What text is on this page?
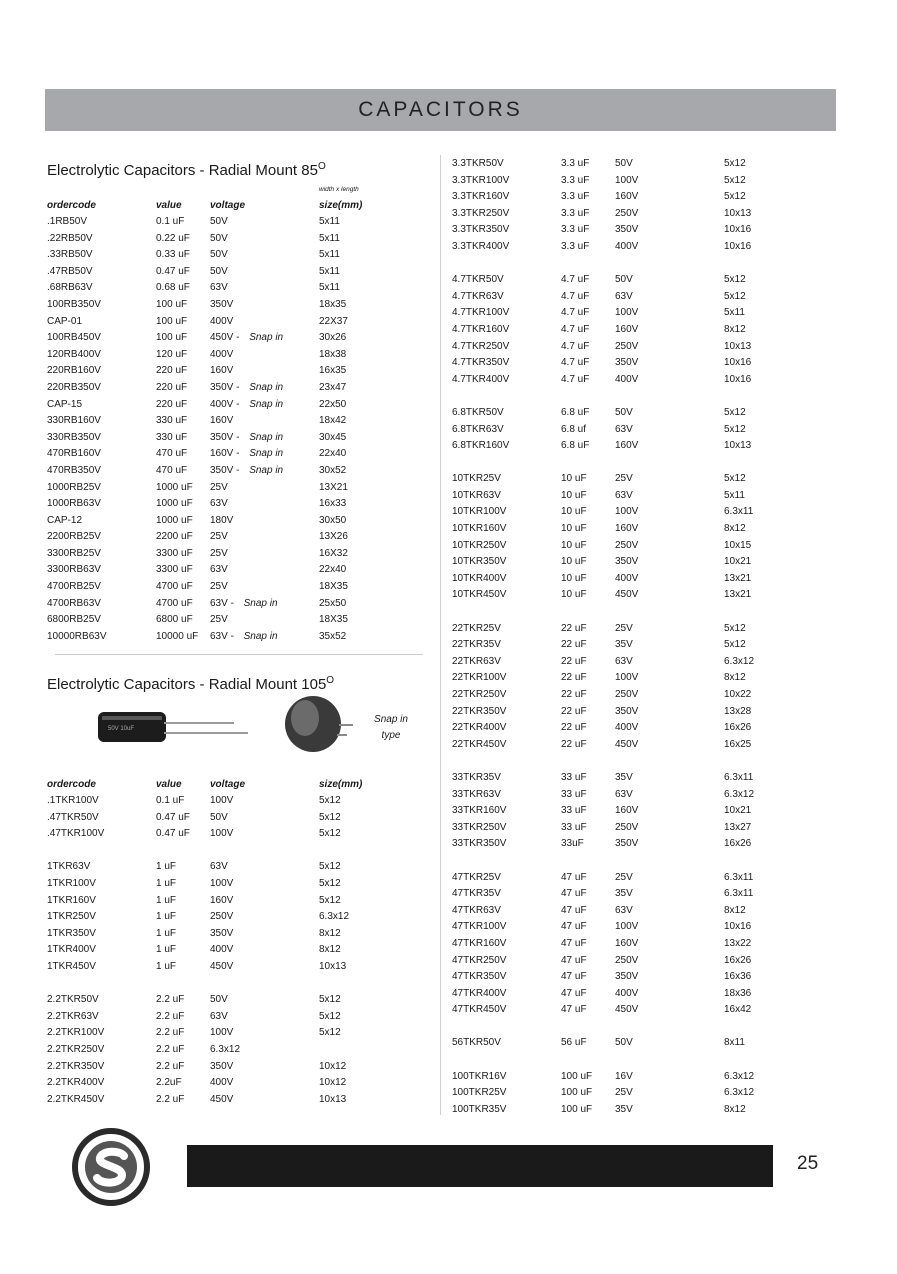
CAPACITORS
Electrolytic Capacitors - Radial Mount $85^O$
width x length
ordercode	value	voltage	size(mm)
.1RB50V	0.1 uF	50V	5x11
.22RB50V	0.22 uF 50V	5x11
.33RB50V	0.33 uF 50V	5x11
.47RB50V	0.47 uF 50V	5x11
.68RB63V	0.68 uF 63V	5x11
100RB350V	100 uF 350V	18x35
CAP-01	100 uF 400V	22X37
100RB450V	100 uF 450V - Snap in	30x26
120RB400V	120 uF 400V	18x38
220RB160V	220 uF 160V	16x35
220RB350V	220 uF 350V - Snap in	23x47
CAP-15	220 uF 400V - Snap in	22x50
330RB160V	330 uF 160V	18x42
330RB350V	330 uF 350V - Snap in	30x45
470RB160V	470 uF 160V - Snap in	22x40
470RB350V	470 uF 350V - Snap in	30x52
1000RB25V	1000 uF 25V	13X21
1000RB63V	1000 uF 63V	16x33
CAP-12	1000 uF 180V	30x50
2200RB25V	2200 uF 25V	13X26
3300RB25V	3300 uF 25V	16X32
3300RB63V	3300 uF 63V	22x40
4700RB25V	4700 uF 25V	18X35
4700RB63V	4700 uF 63V - Snap in	25x50
6800RB25V	6800 uF 25V	18X35
10000RB63V	10000 uF 63V - Snap in	35x52
Electrolytic Capacitors - Radial Mount $105^O$
50V 10uF
Snap in
type
ordercode	value	voltage	size(mm)
.1TKR100V	0.1 uF	100V	5x12
.47TKR50V	0.47 uF 50V	5x12
.47TKR100V	0.47 uF 100V	5x12
1TKR63V	1 uF	63V	5x12
1TKR100V	1 uF	100V	5x12
1TKR160V	1 uF	160V	5x12
1TKR250V	1 uF	250V	6.3x12
1TKR350V	1 uF	350V	8x12
1TKR400V	1 uF	400V	8x12
1TKR450V	1 uF	450V	10x13
2.2TKR50V	2.2 uF	50V	5x12
2.2TKR63V	2.2 uF	63V	5x12
2.2TKR100V	2.2 uF	100V	5x12
2.2TKR250V	2.2 uF	6.3x12
2.2TKR350V	2.2 uF	350V	10x12
2.2TKR400V	2.2uF	400V	10x12
2.2TKR450V	2.2 uF	450V	10x13
3.3TKR50V	3.3 uF	50V	5x12
3.3TKR100V	3.3 uF	100V	5x12
3.3TKR160V	3.3 uF	160V	5x12
3.3TKR250V	3.3 uF	250V	10x13
3.3TKR350V	3.3 uF	350V	10x16
3.3TKR400V	3.3 uF	400V	10x16
4.7TKR50V	4.7 uF	50V	5x12
4.7TKR63V	4.7 uF	63V	5x12
4.7TKR100V	4.7 uF	100V	5x11
4.7TKR160V	4.7 uF	160V	8x12
4.7TKR250V	4.7 uF	250V	10x13
4.7TKR350V	4.7 uF	350V	10x16
4.7TKR400V	4.7 uF	400V	10x16
6.8TKR50V	6.8 uF	50V	5x12
6.8TKR63V	6.8 uf	63V	5x12
6.8TKR160V	6.8 uF	160V	10x13
10TKR25V	10 uF	25V	5x12
10TKR63V	10 uF	63V	5x11
10TKR100V	10 uF	100V	6.3x11
10TKR160V	10 uF	160V	8x12
10TKR250V	10 uF	250V	10x15
10TKR350V	10 uF	350V	10x21
10TKR400V	10 uF	400V	13x21
10TKR450V	10 uF	450V	13x21
22TKR25V	22 uF	25V	5x12
22TKR35V	22 uF	35V	5x12
22TKR63V	22 uF	63V	6.3x12
22TKR100V	22 uF	100V	8x12
22TKR250V	22 uF	250V	10x22
22TKR350V	22 uF	350V	13x28
22TKR400V	22 uF	400V	16x26
22TKR450V	22 uF	450V	16x25
33TKR35V	33 uF	35V	6.3x11
33TKR63V	33 uF	63V	6.3x12
33TKR160V	33 uF	160V	10x21
33TKR250V	33 uF	250V	13x27
33TKR350V	33uF	350V	16x26
47TKR25V	47 uF	25V	6.3x11
47TKR35V	47 uF	35V	6.3x11
47TKR63V	47 uF	63V	8x12
47TKR100V	47 uF	100V	10x16
47TKR160V	47 uF	160V	13x22
47TKR250V	47 uF	250V	16x26
47TKR350V	47 uF	350V	16x36
47TKR400V	47 uF	400V	18x36
47TKR450V	47 uF	450V	16x42
56TKR50V	56 uF	50V	8x11
100TKR16V	100 uF 16V	6.3x12
100TKR25V	100 uF 25V	6.3x12
100TKR35V	100 uF 35V	8x12
25
